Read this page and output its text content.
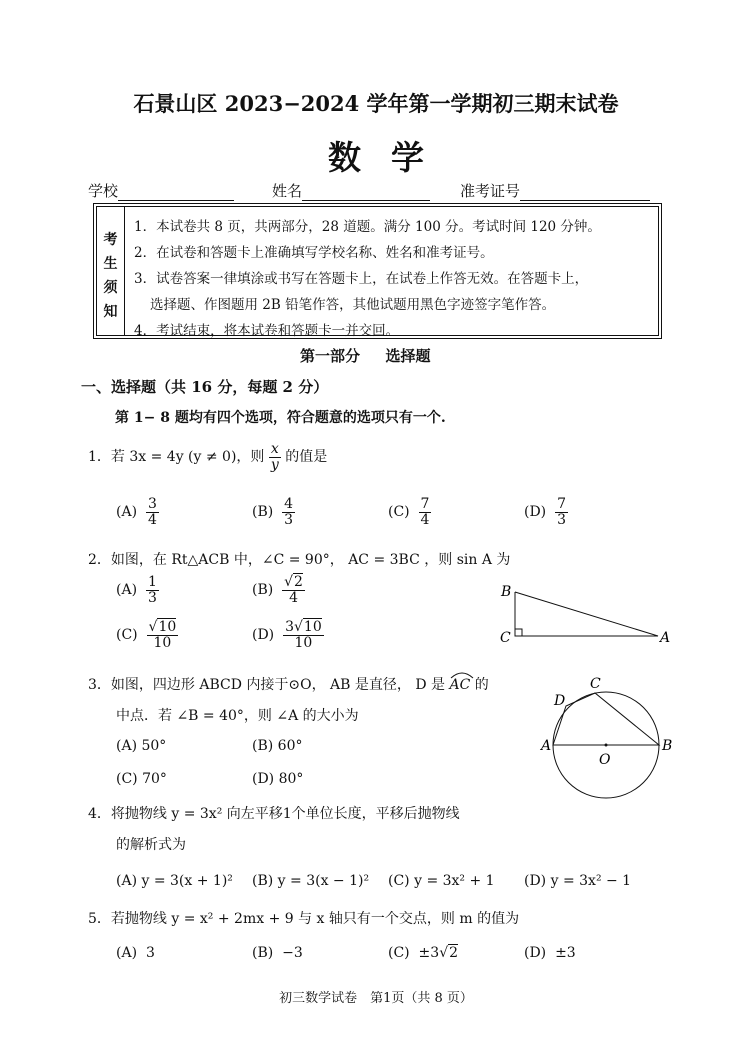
石景山区 2023−2024 学年第一学期初三期末试卷
数学
学校	姓名	准考证号
考
生
须
知
1．本试卷共 8 页，共两部分，28 道题。满分 100 分。考试时间 120 分钟。
2．在试卷和答题卡上准确填写学校名称、姓名和准考证号。
3．试卷答案一律填涂或书写在答题卡上，在试卷上作答无效。在答题卡上，
选择题、作图题用 2B 铅笔作答，其他试题用黑色字迹签字笔作答。
4．考试结束，将本试卷和答题卡一并交回。
第一部分　  选择题
一、选择题（共 16 分，每题 2 分）
第 1− 8 题均有四个选项，符合题意的选项只有一个.
1．若 3x = 4y (y ≠ 0)，则 $\frac{x}{y}$ 的值是
$(A) \frac{3}{4}$	$(B) \frac{4}{3}$	$(C) \frac{7}{4}$	$(D) \frac{7}{3}$
2．如图，在 Rt△ACB 中，∠C = 90°， AC = 3BC ，则 sin A 为
$(A) \frac{1}{3}$	$(B) \frac{√2}{4}$
$(C) \frac{√10}{10}$	$(D) \frac{3√10}{10}$
B
C	A
3．如图，四边形 ABCD 内接于⊙O， AB 是直径， D 是 AC 的
中点．若 ∠B = 40°，则 ∠A 的大小为
(A) 50°	(B) 60°
(C) 70°	(D) 80°
A	B
C
D
O
4．将抛物线 y = 3x² 向左平移1个单位长度，平移后抛物线
的解析式为
(A) y = 3(x + 1)² (B) y = 3(x − 1)² (C) y = 3x² + 1 (D) y = 3x² − 1
5．若抛物线 y = x² + 2mx + 9 与 x 轴只有一个交点，则 m 的值为
(A) 3	(B) −3	(C) ±3√2	(D) ±3
初三数学试卷　第1页（共 8 页）
